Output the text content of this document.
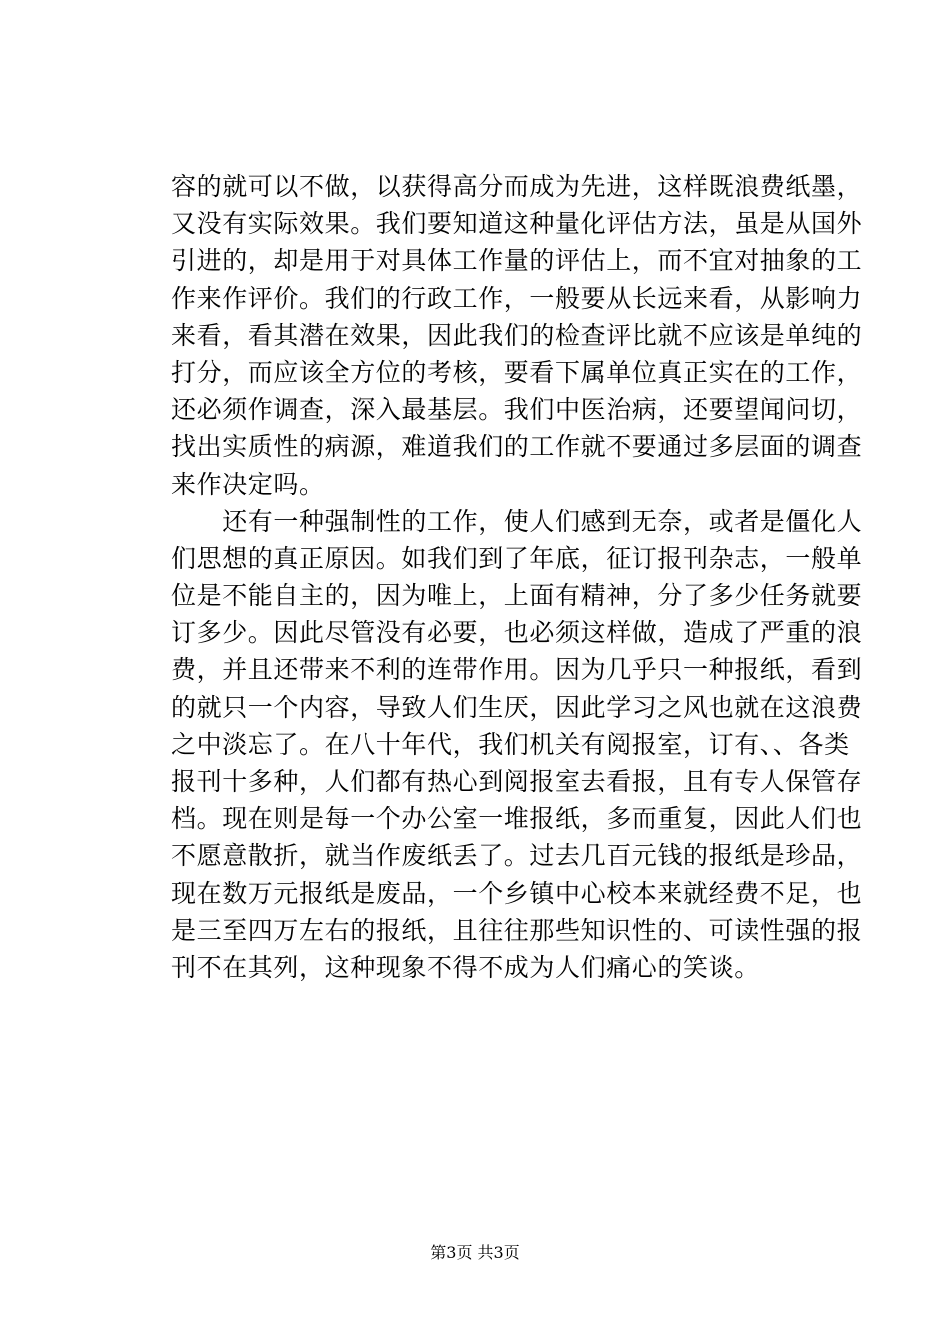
容的就可以不做，以获得高分而成为先进，这样既浪费纸墨，
又没有实际效果。我们要知道这种量化评估方法，虽是从国外
引进的，却是用于对具体工作量的评估上，而不宜对抽象的工
作来作评价。我们的行政工作，一般要从长远来看，从影响力
来看，看其潜在效果，因此我们的检查评比就不应该是单纯的
打分，而应该全方位的考核，要看下属单位真正实在的工作，
还必须作调查，深入最基层。我们中医治病，还要望闻问切，
找出实质性的病源，难道我们的工作就不要通过多层面的调查
来作决定吗。
　　还有一种强制性的工作，使人们感到无奈，或者是僵化人
们思想的真正原因。如我们到了年底，征订报刊杂志，一般单
位是不能自主的，因为唯上，上面有精神，分了多少任务就要
订多少。因此尽管没有必要，也必须这样做，造成了严重的浪
费，并且还带来不利的连带作用。因为几乎只一种报纸，看到
的就只一个内容，导致人们生厌，因此学习之风也就在这浪费
之中淡忘了。在八十年代，我们机关有阅报室，订有、、各类
报刊十多种，人们都有热心到阅报室去看报，且有专人保管存
档。现在则是每一个办公室一堆报纸，多而重复，因此人们也
不愿意散折，就当作废纸丢了。过去几百元钱的报纸是珍品，
现在数万元报纸是废品，一个乡镇中心校本来就经费不足，也
是三至四万左右的报纸，且往往那些知识性的、可读性强的报
刊不在其列，这种现象不得不成为人们痛心的笑谈。
第3页 共3页
